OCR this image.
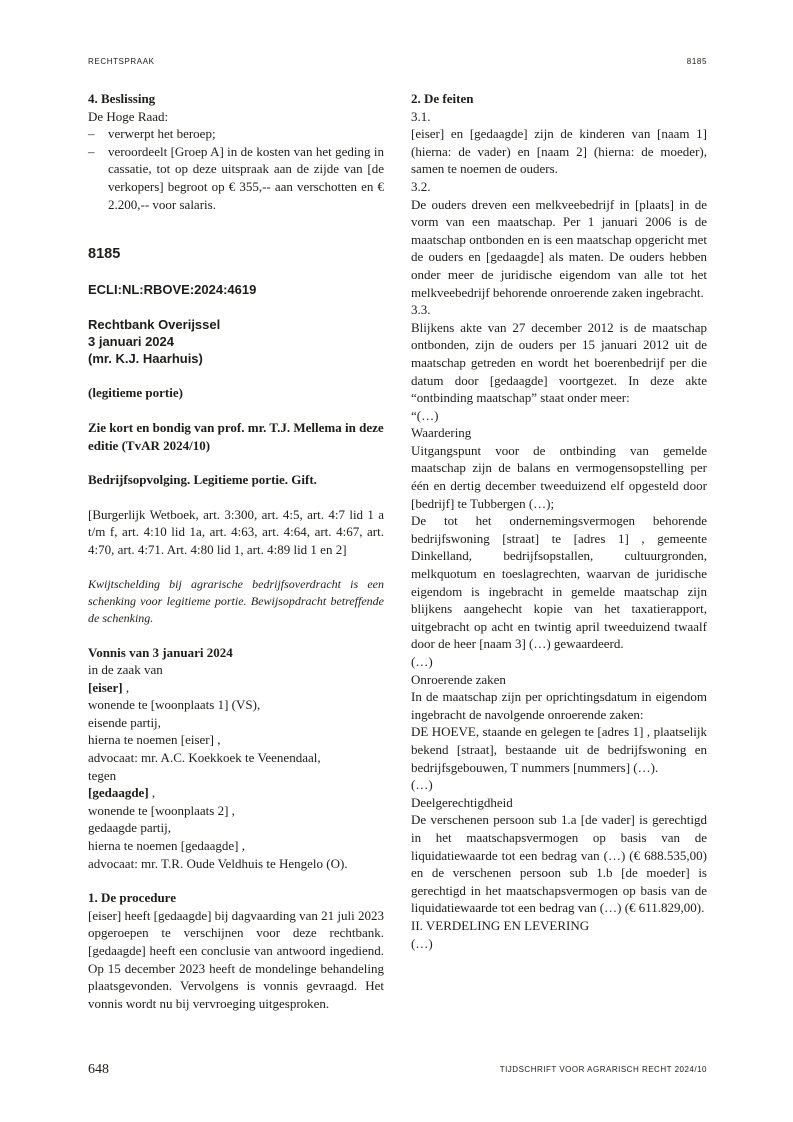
RECHTSPRAAK	8185

4. Beslissing

De Hoge Raad:

– verwerpt het beroep;
– veroordeelt [Groep A] in de kosten van het geding in cassatie, tot op deze uitspraak aan de zijde van [de verkopers] begroot op € 355,-- aan verschotten en € 2.200,-- voor salaris.

8185

ECLI:NL:RBOVE:2024:4619

Rechtbank Overijssel

3 januari 2024

(mr. K.J. Haarhuis)

(legitieme portie)

Zie kort en bondig van prof. mr. T.J. Mellema in deze editie (TvAR 2024/10)

Bedrijfsopvolging. Legitieme portie. Gift.

[Burgerlijk Wetboek, art. 3:300, art. 4:5, art. 4:7 lid 1 a t/m f, art. 4:10 lid 1a, art. 4:63, art. 4:64, art. 4:67, art. 4:70, art. 4:71. Art. 4:80 lid 1, art. 4:89 lid 1 en 2]

Kwijtschelding bij agrarische bedrijfsoverdracht is een schenking voor legitieme portie. Bewijsopdracht betreffende de schenking.

Vonnis van 3 januari 2024

in de zaak van

[eiser] ,

wonende te [woonplaats 1] (VS),

eisende partij,

hierna te noemen [eiser] ,

advocaat: mr. A.C. Koekkoek te Veenendaal,

tegen

[gedaagde] ,

wonende te [woonplaats 2] ,

gedaagde partij,

hierna te noemen [gedaagde] ,

advocaat: mr. T.R. Oude Veldhuis te Hengelo (O).

1. De procedure

[eiser] heeft [gedaagde] bij dagvaarding van 21 juli 2023 opgeroepen te verschijnen voor deze rechtbank. [gedaagde] heeft een conclusie van antwoord ingediend. Op 15 december 2023 heeft de mondelinge behandeling plaatsgevonden. Vervolgens is vonnis gevraagd. Het vonnis wordt nu bij vervroeging uitgesproken.

2. De feiten

3.1.

[eiser] en [gedaagde] zijn de kinderen van [naam 1] (hierna: de vader) en [naam 2] (hierna: de moeder), samen te noemen de ouders.

3.2.

De ouders dreven een melkveebedrijf in [plaats] in de vorm van een maatschap. Per 1 januari 2006 is de maatschap ontbonden en is een maatschap opgericht met de ouders en [gedaagde] als maten. De ouders hebben onder meer de juridische eigendom van alle tot het melkveebedrijf behorende onroerende zaken ingebracht.

3.3.

Blijkens akte van 27 december 2012 is de maatschap ontbonden, zijn de ouders per 15 januari 2012 uit de maatschap getreden en wordt het boerenbedrijf per die datum door [gedaagde] voortgezet. In deze akte “ontbinding maatschap” staat onder meer:

“(…)

Waardering

Uitgangspunt voor de ontbinding van gemelde maatschap zijn de balans en vermogensopstelling per één en dertig december tweeduizend elf opgesteld door [bedrijf] te Tubbergen (…);

De tot het ondernemingsvermogen behorende bedrijfswoning [straat] te [adres 1] , gemeente Dinkelland, bedrijfsopstallen, cultuurgronden, melkquotum en toeslagrechten, waarvan de juridische eigendom is ingebracht in gemelde maatschap zijn blijkens aangehecht kopie van het taxatierapport, uitgebracht op acht en twintig april tweeduizend twaalf door de heer [naam 3] (…) gewaardeerd.

(…)

Onroerende zaken

In de maatschap zijn per oprichtingsdatum in eigendom ingebracht de navolgende onroerende zaken:

DE HOEVE, staande en gelegen te [adres 1] , plaatselijk bekend [straat], bestaande uit de bedrijfswoning en bedrijfsgebouwen, T nummers [nummers] (…).

(…)

Deelgerechtigdheid

De verschenen persoon sub 1.a [de vader] is gerechtigd in het maatschapsvermogen op basis van de liquidatiewaarde tot een bedrag van (…) (€ 688.535,00) en de verschenen persoon sub 1.b [de moeder] is gerechtigd in het maatschapsvermogen op basis van de liquidatiewaarde tot een bedrag van (…) (€ 611.829,00).

II. VERDELING EN LEVERING

(…)

648	TIJDSCHRIFT VOOR AGRARISCH RECHT 2024/10
